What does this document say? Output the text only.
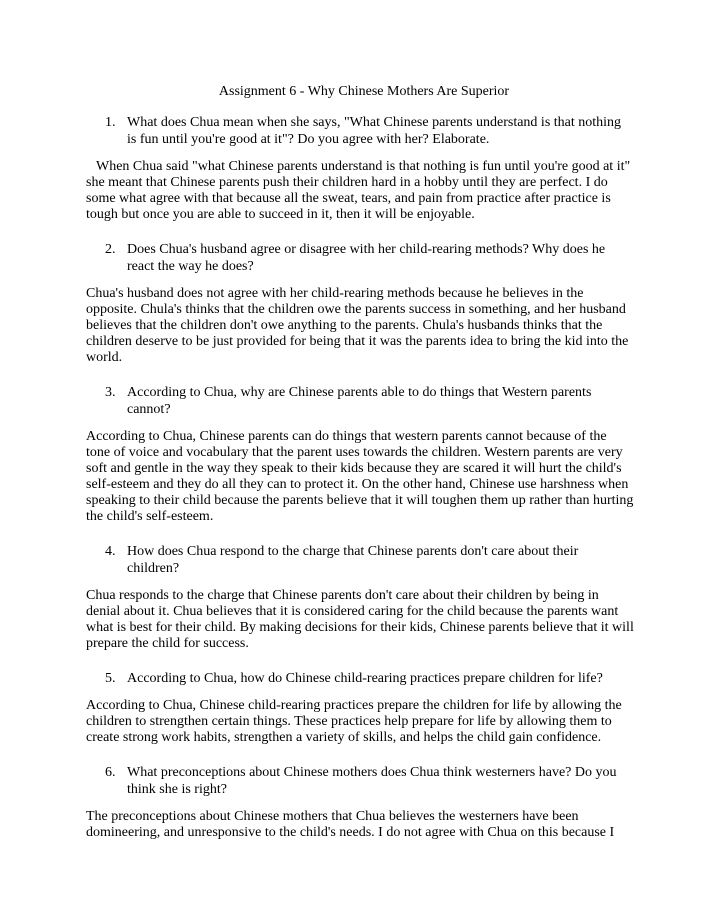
Assignment 6 - Why Chinese Mothers Are Superior
1. What does Chua mean when she says, "What Chinese parents understand is that nothing is fun until you're good at it"? Do you agree with her? Elaborate.

When Chua said "what Chinese parents understand is that nothing is fun until you're good at it" she meant that Chinese parents push their children hard in a hobby until they are perfect. I do some what agree with that because all the sweat, tears, and pain from practice after practice is tough but once you are able to succeed in it, then it will be enjoyable.

2. Does Chua's husband agree or disagree with her child-rearing methods? Why does he react the way he does?

Chua's husband does not agree with her child-rearing methods because he believes in the opposite. Chula's thinks that the children owe the parents success in something, and her husband believes that the children don't owe anything to the parents. Chula's husbands thinks that the children deserve to be just provided for being that it was the parents idea to bring the kid into the world.

3. According to Chua, why are Chinese parents able to do things that Western parents cannot?

According to Chua, Chinese parents can do things that western parents cannot because of the tone of voice and vocabulary that the parent uses towards the children. Western parents are very soft and gentle in the way they speak to their kids because they are scared it will hurt the child's self-esteem and they do all they can to protect it. On the other hand, Chinese use harshness when speaking to their child because the parents believe that it will toughen them up rather than hurting the child's self-esteem.

4. How does Chua respond to the charge that Chinese parents don't care about their children?

Chua responds to the charge that Chinese parents don't care about their children by being in denial about it. Chua believes that it is considered caring for the child because the parents want what is best for their child. By making decisions for their kids, Chinese parents believe that it will prepare the child for success.

5. According to Chua, how do Chinese child-rearing practices prepare children for life?

According to Chua, Chinese child-rearing practices prepare the children for life by allowing the children to strengthen certain things. These practices help prepare for life by allowing them to create strong work habits, strengthen a variety of skills, and helps the child gain confidence.

6. What preconceptions about Chinese mothers does Chua think westerners have? Do you think she is right?

The preconceptions about Chinese mothers that Chua believes the westerners have been domineering, and unresponsive to the child's needs. I do not agree with Chua on this because I
